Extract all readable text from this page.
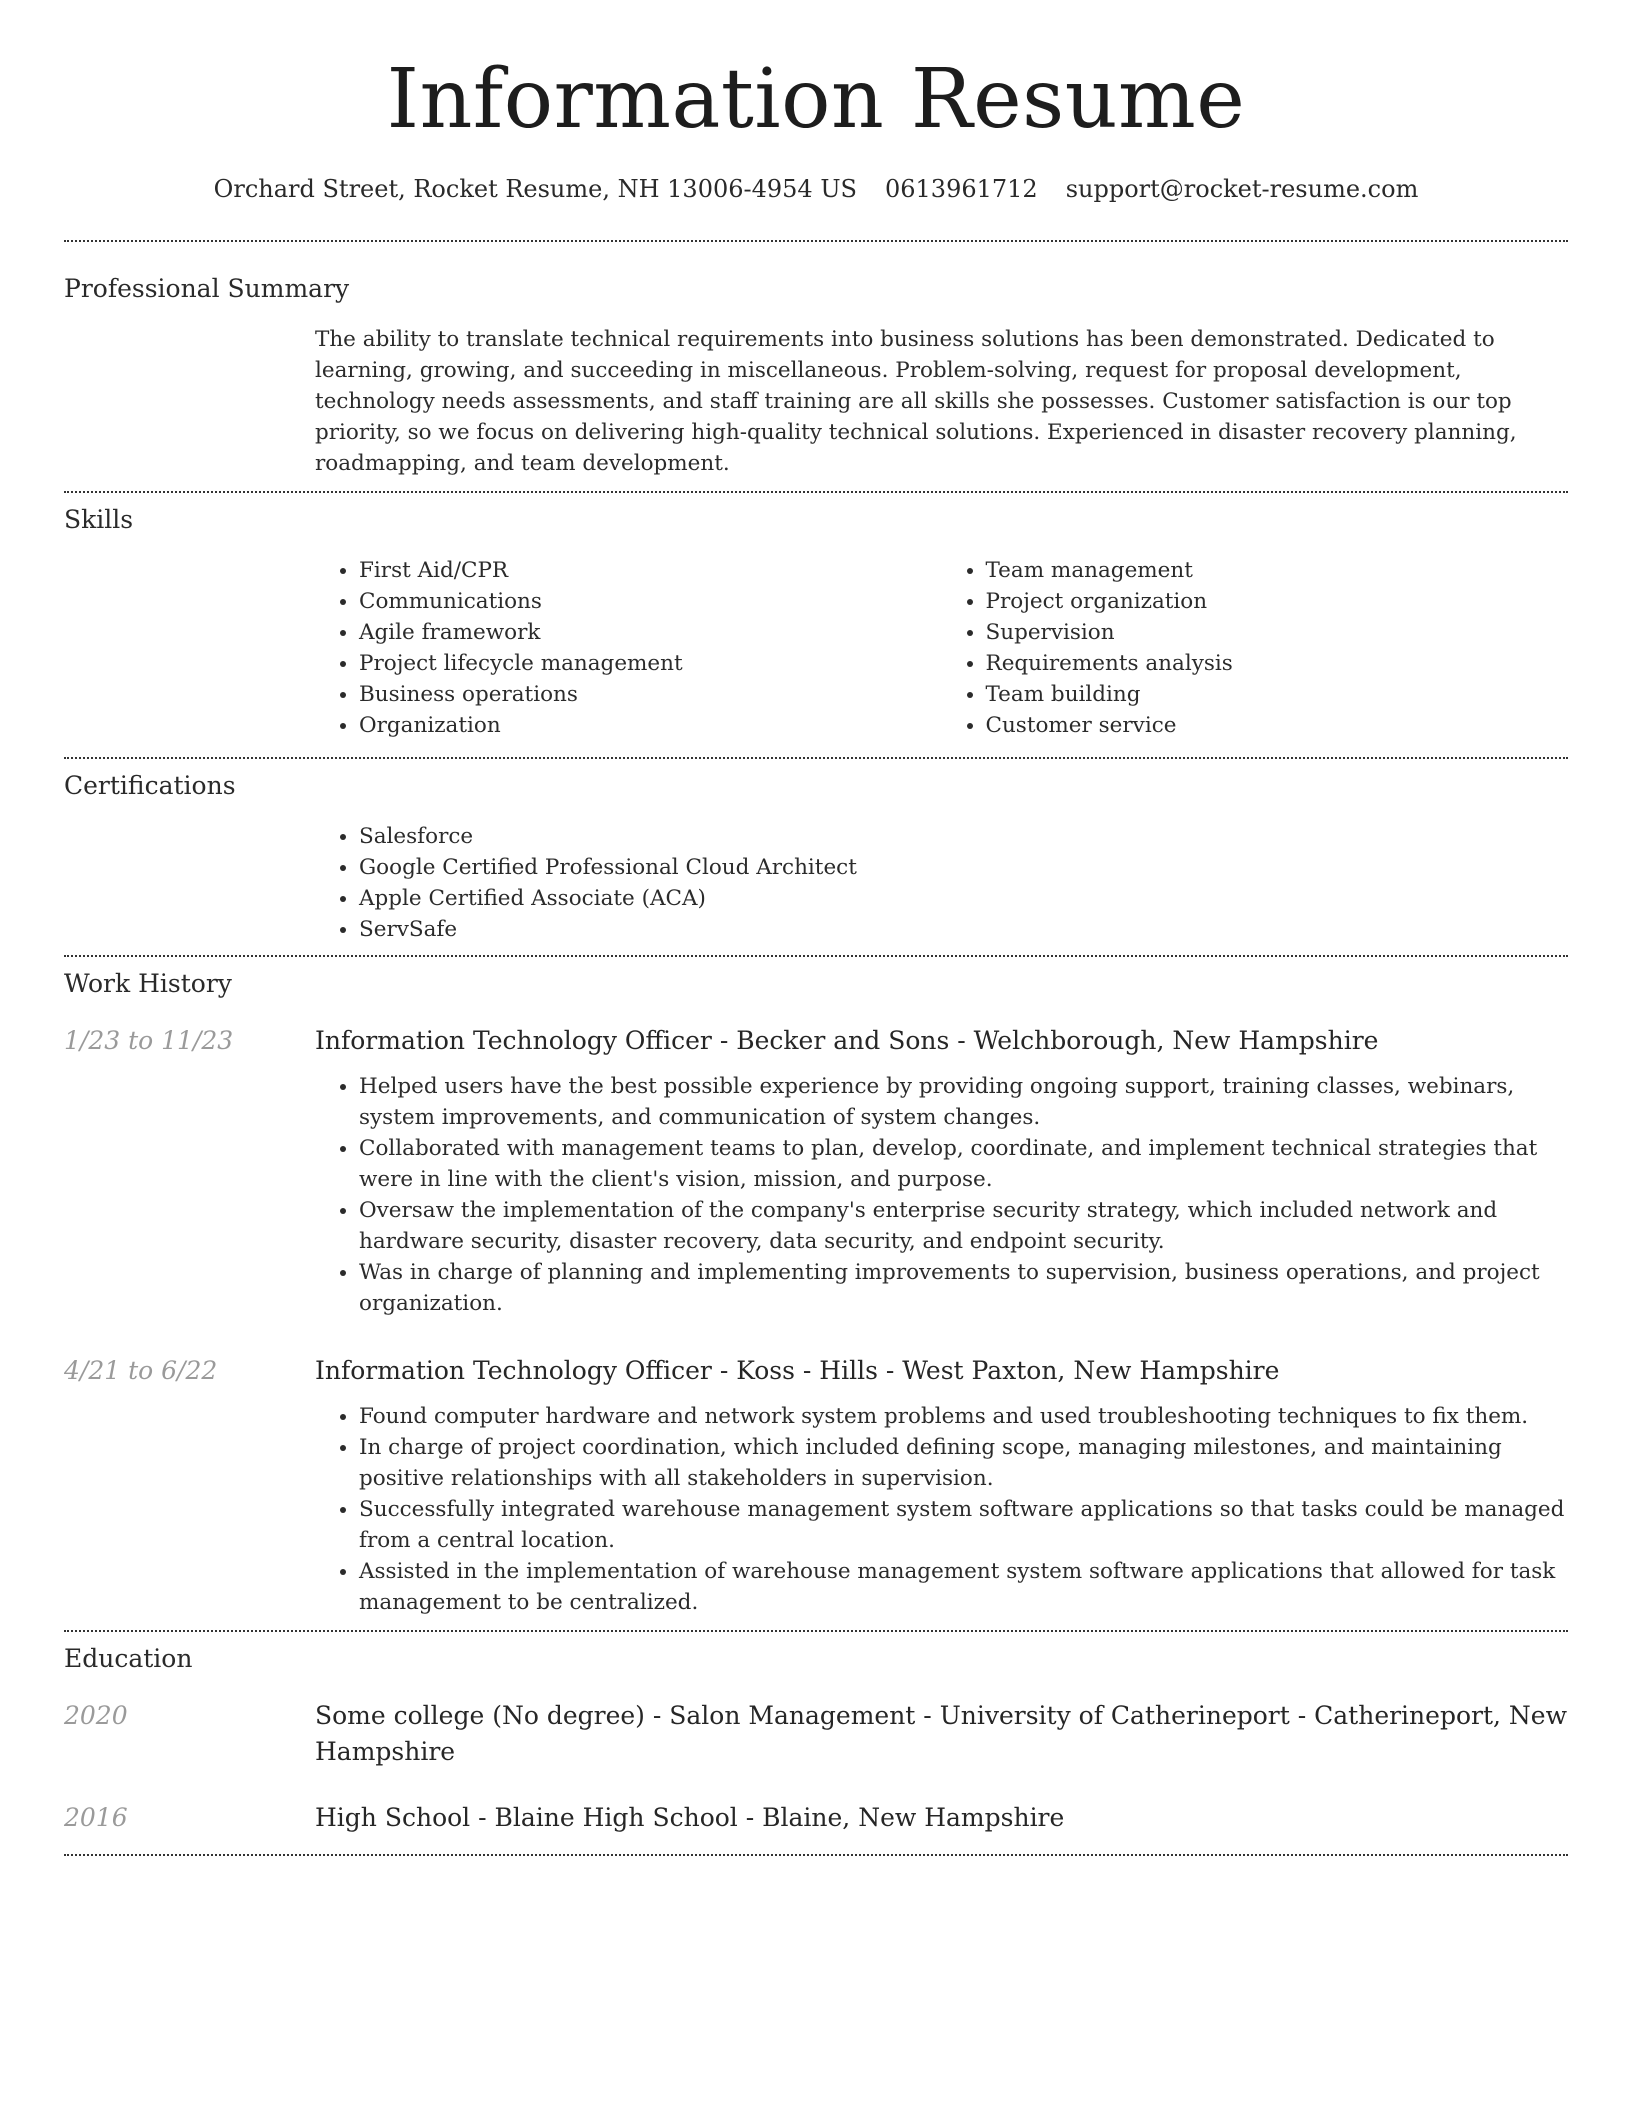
Information Resume
Orchard Street, Rocket Resume, NH 13006-4954 US 0613961712 support@rocket-resume.com
Professional Summary
The ability to translate technical requirements into business solutions has been demonstrated. Dedicated to learning, growing, and succeeding in miscellaneous. Problem-solving, request for proposal development, technology needs assessments, and staff training are all skills she possesses. Customer satisfaction is our top priority, so we focus on delivering high-quality technical solutions. Experienced in disaster recovery planning, roadmapping, and team development.
Skills
• First Aid/CPR
• Communications
• Agile framework
• Project lifecycle management
• Business operations
• Organization
• Team management
• Project organization
• Supervision
• Requirements analysis
• Team building
• Customer service
Certifications
• Salesforce
• Google Certified Professional Cloud Architect
• Apple Certified Associate (ACA)
• ServSafe
Work History
1/23 to 11/23	Information Technology Officer - Becker and Sons - Welchborough, New Hampshire
• Helped users have the best possible experience by providing ongoing support, training classes, webinars, system improvements, and communication of system changes.
• Collaborated with management teams to plan, develop, coordinate, and implement technical strategies that were in line with the client's vision, mission, and purpose.
• Oversaw the implementation of the company's enterprise security strategy, which included network and hardware security, disaster recovery, data security, and endpoint security.
• Was in charge of planning and implementing improvements to supervision, business operations, and project organization.
4/21 to 6/22	Information Technology Officer - Koss - Hills - West Paxton, New Hampshire
• Found computer hardware and network system problems and used troubleshooting techniques to fix them.
• In charge of project coordination, which included defining scope, managing milestones, and maintaining positive relationships with all stakeholders in supervision.
• Successfully integrated warehouse management system software applications so that tasks could be managed from a central location.
• Assisted in the implementation of warehouse management system software applications that allowed for task management to be centralized.
Education
2020	Some college (No degree) - Salon Management - University of Catherineport - Catherineport, New Hampshire
2016	High School - Blaine High School - Blaine, New Hampshire
